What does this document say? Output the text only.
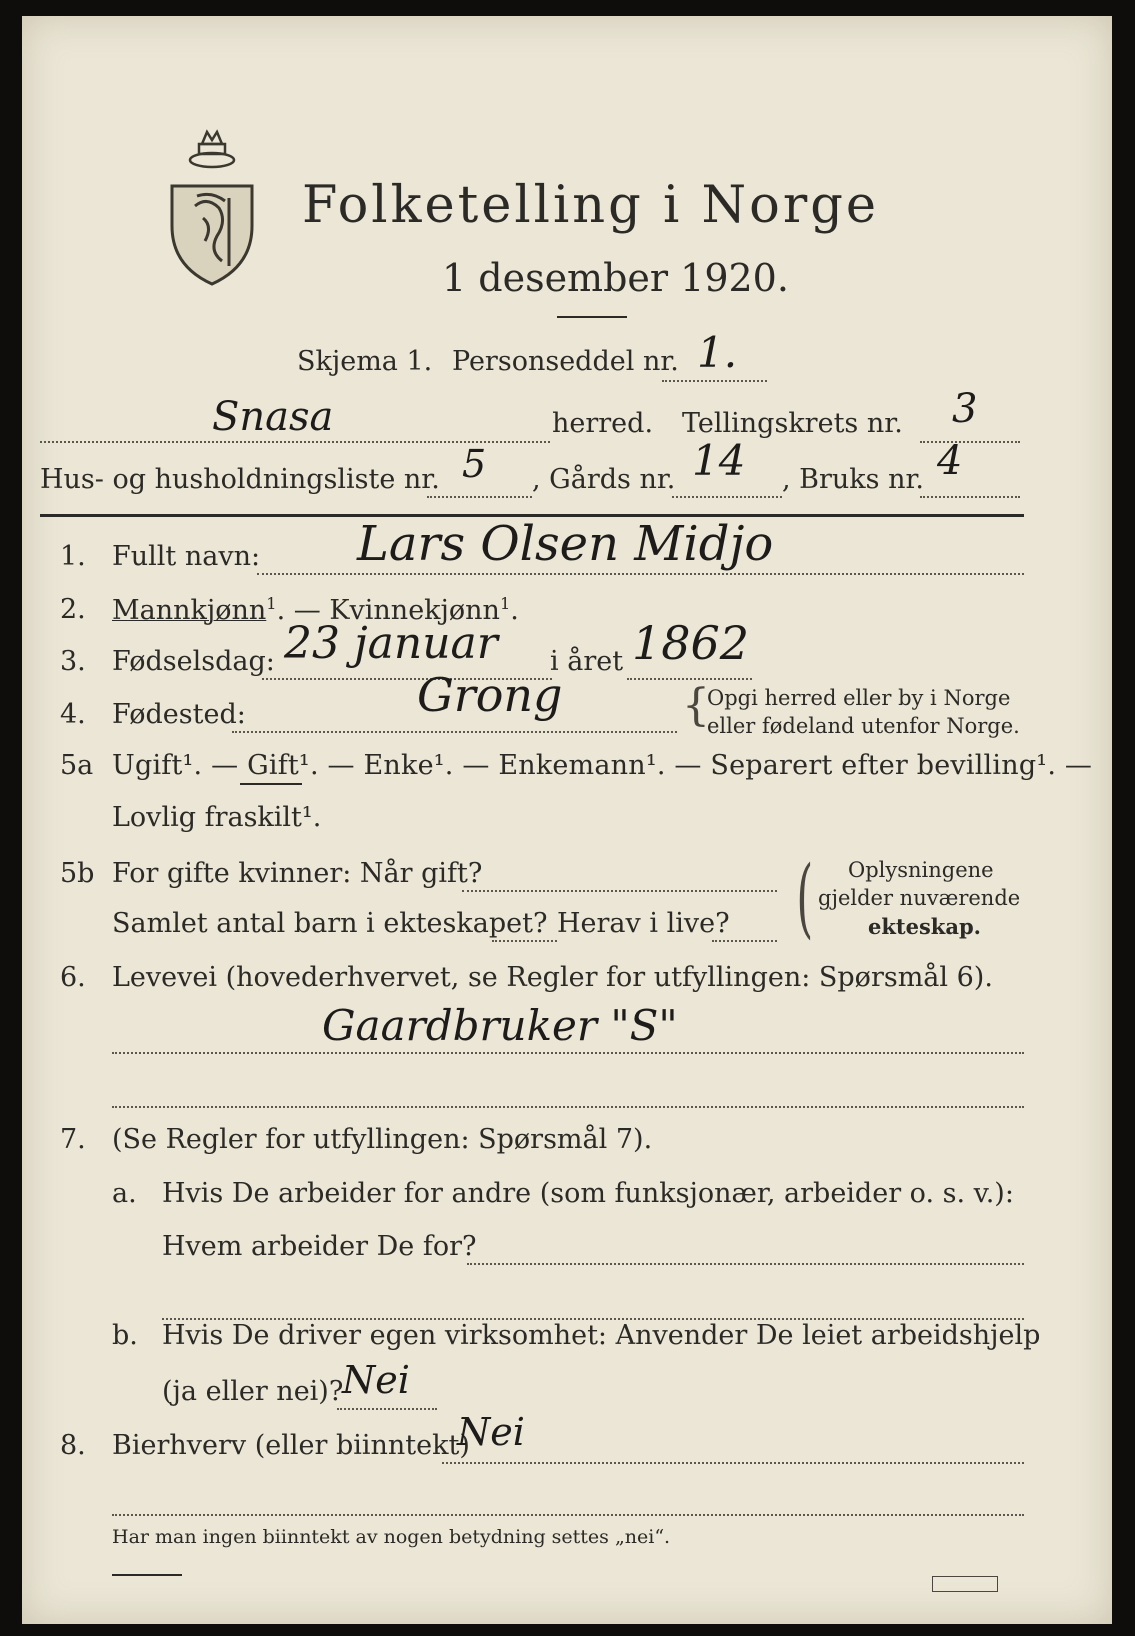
Folketelling i Norge
1 desember 1920.
Skjema 1. Personseddel nr. 1.
Snasa	herred. Tellingskrets nr. 3
Hus- og husholdningsliste nr. 5 , Gårds nr. 14 , Bruks nr. 4
1. Fullt navn: Lars Olsen Midjo
2. Mannkjønn$^1$. — Kvinnekjønn$^1$.
3. Fødselsdag: 23 januar i året 1862
4. Fødested:	Grong	{
Opgi herred eller by i Norge
eller fødeland utenfor Norge.
5a Ugift¹. — Gift¹. — Enke¹. — Enkemann¹. — Separert efter bevilling¹. —
Lovlig fraskilt¹.
5b For gifte kvinner: Når gift?
Samlet antal barn i ekteskapet? Herav i live? ( Oplysningene
gjelder nuværende
ekteskap.
6. Levevei (hovederhvervet, se Regler for utfyllingen: Spørsmål 6).
Gaardbruker "S"
7. (Se Regler for utfyllingen: Spørsmål 7).
a. Hvis De arbeider for andre (som funksjonær, arbeider o. s. v.):
Hvem arbeider De for?
b. Hvis De driver egen virksomhet: Anvender De leiet arbeidshjelp
(ja eller nei)?
Nei
8. Bierhverv (eller biinntekt)
Nei
Har man ingen biinntekt av nogen betydning settes „nei“.
